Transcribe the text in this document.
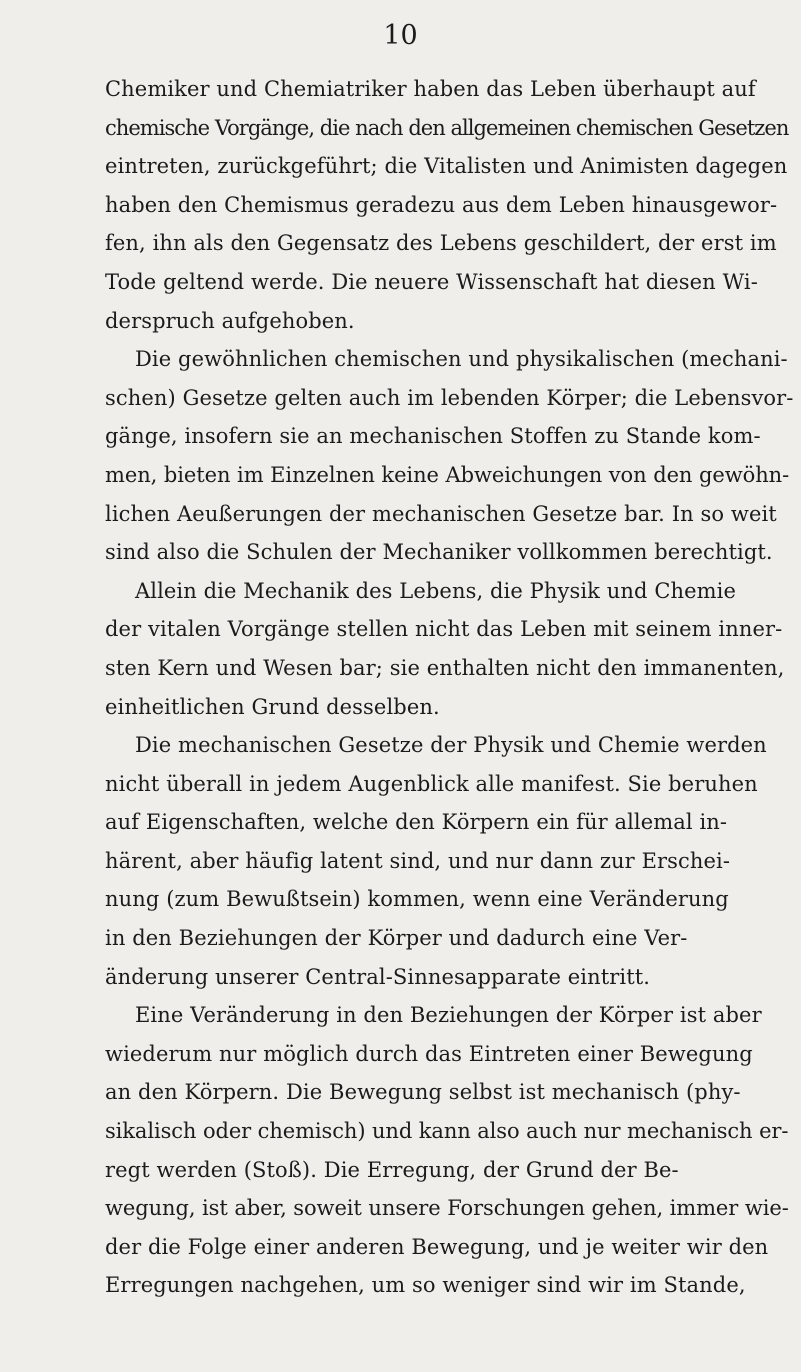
10
Chemiker und Chemiatriker haben das Leben überhaupt auf
chemische Vorgänge, die nach den allgemeinen chemischen Gesetzen
eintreten, zurückgeführt; die Vitalisten und Animisten dagegen
haben den Chemismus geradezu aus dem Leben hinausgewor-
fen, ihn als den Gegensatz des Lebens geschildert, der erst im
Tode geltend werde. Die neuere Wissenschaft hat diesen Wi-
derspruch aufgehoben.
Die gewöhnlichen chemischen und physikalischen (mechani-
schen) Gesetze gelten auch im lebenden Körper; die Lebensvor-
gänge, insofern sie an mechanischen Stoffen zu Stande kom-
men, bieten im Einzelnen keine Abweichungen von den gewöhn-
lichen Aeußerungen der mechanischen Gesetze bar. In so weit
sind also die Schulen der Mechaniker vollkommen berechtigt.
Allein die Mechanik des Lebens, die Physik und Chemie
der vitalen Vorgänge stellen nicht das Leben mit seinem inner-
sten Kern und Wesen bar; sie enthalten nicht den immanenten,
einheitlichen Grund desselben.
Die mechanischen Gesetze der Physik und Chemie werden
nicht überall in jedem Augenblick alle manifest. Sie beruhen
auf Eigenschaften, welche den Körpern ein für allemal in-
härent, aber häufig latent sind, und nur dann zur Erschei-
nung (zum Bewußtsein) kommen, wenn eine Veränderung
in den Beziehungen der Körper und dadurch eine Ver-
änderung unserer Central-Sinnesapparate eintritt.
Eine Veränderung in den Beziehungen der Körper ist aber
wiederum nur möglich durch das Eintreten einer Bewegung
an den Körpern. Die Bewegung selbst ist mechanisch (phy-
sikalisch oder chemisch) und kann also auch nur mechanisch er-
regt werden (Stoß). Die Erregung, der Grund der Be-
wegung, ist aber, soweit unsere Forschungen gehen, immer wie-
der die Folge einer anderen Bewegung, und je weiter wir den
Erregungen nachgehen, um so weniger sind wir im Stande,
